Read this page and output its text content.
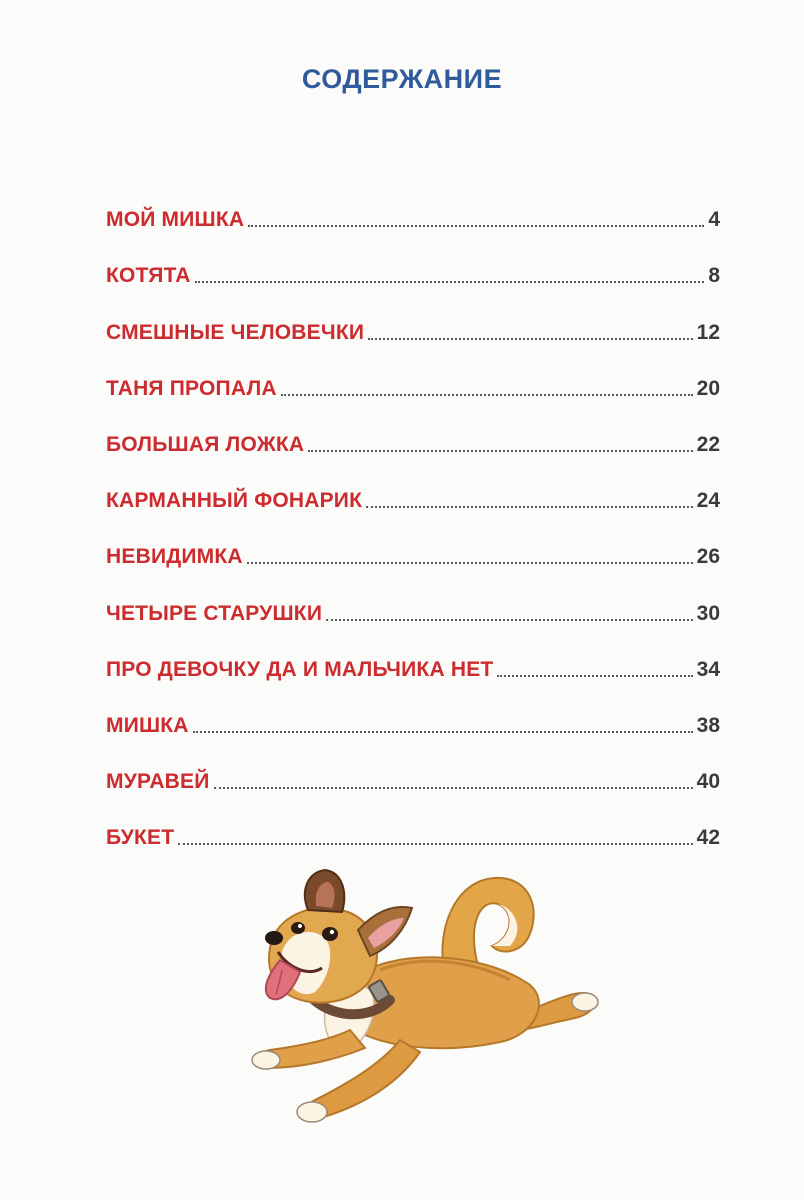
СОДЕРЖАНИЕ
МОЙ МИШКА	4
КОТЯТА	8
СМЕШНЫЕ ЧЕЛОВЕЧКИ	12
ТАНЯ ПРОПАЛА	20
БОЛЬШАЯ ЛОЖКА	22
КАРМАННЫЙ ФОНАРИК	24
НЕВИДИМКА	26
ЧЕТЫРЕ СТАРУШКИ	30
ПРО ДЕВОЧКУ ДА И МАЛЬЧИКА НЕТ	34
МИШКА	38
МУРАВЕЙ	40
БУКЕТ	42
